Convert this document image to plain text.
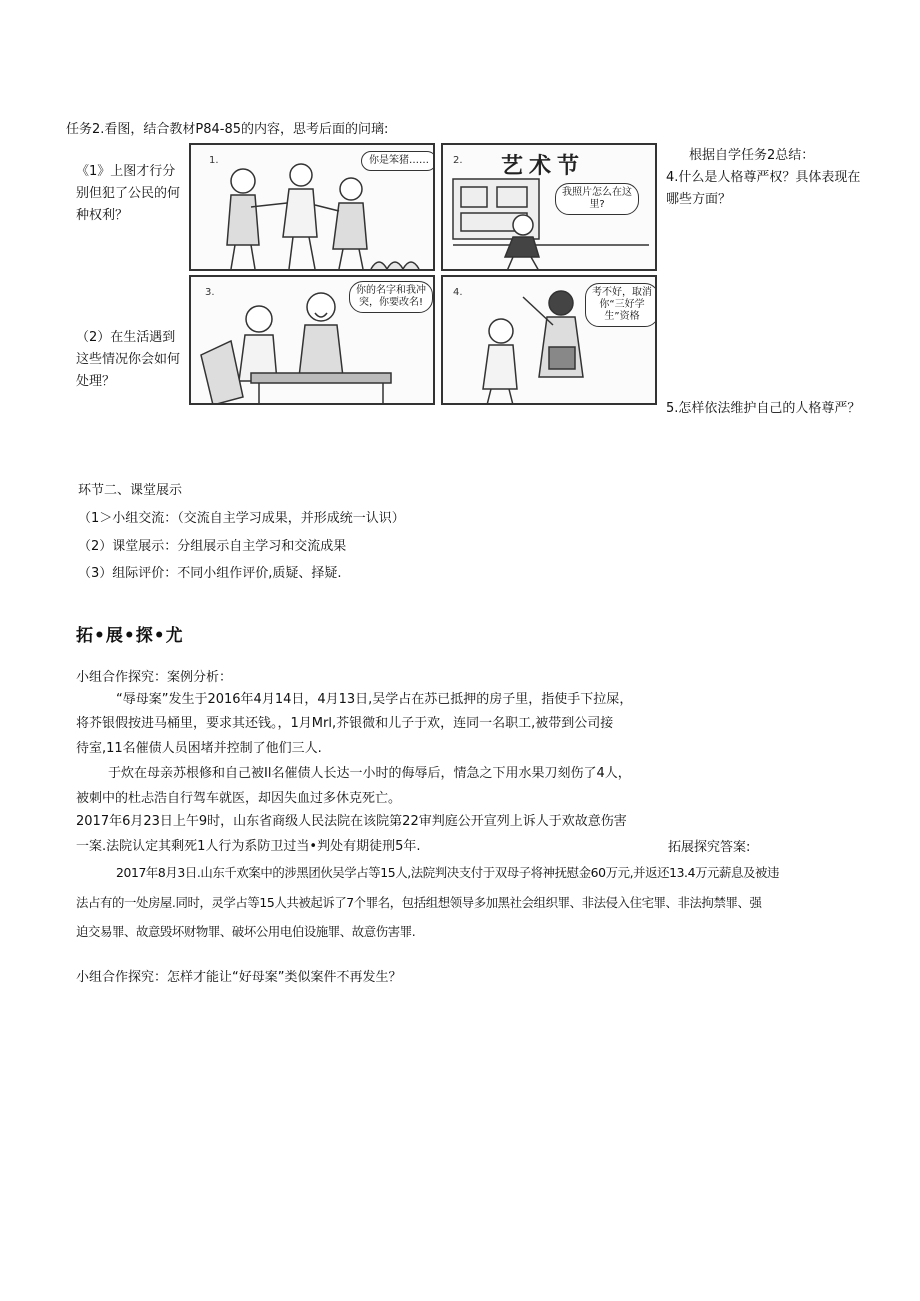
任务2.看图，结合教材P84-85的内容，思考后面的问璃:
《1》上图才行分别但犯了公民的何种权利？
（2）在生活遇到这些情况你会如何处理？
根据自学任务2总结：
4.什么是人格尊严权？具体表现在哪些方面？
5.怎样依法维护自己的人格尊严？
1.	你是笨猪……	2. 艺术节
我照片怎么在这里?
3.	你的名字和我冲突，你要改名!
4.	考不好，取消你“三好学生”资格
环节二、课堂展示
（1＞小组交流：（交流自主学习成果，并形成统一认识）
（2）课堂展示：分组展示自主学习和交流成果
（3）组际评价：不同小组作评价,质疑、择疑.
拓•展•探•尤
小组合作探究：案例分析：
“辱母案”发生于2016年4月14日，4月13日,吴学占在苏已抵押的房子里，指使手下拉屎，
将芥银假按进马桶里，要求其还钱。，1月Mrl,芥银微和儿子于欢，连同一名职工,被带到公司接
待室,11名催债人员困堵并控制了他们三人.
于炊在母亲苏根修和自己被Il名催债人长达一小时的侮辱后，情急之下用水果刀刻伤了4人，
被刺中的杜忐浩自行驾车就医，却因失血过多休克死亡。
2017年6月23日上午9时，山东省商级人民法院在该院第22审判庭公开宣列上诉人于欢故意伤害
一案.法院认定其剩死1人行为系防卫过当•判处有期徒刑5年.	拓展探究答案:
2017年8月3日.山东千欢案中的涉黑团伙吴学占等15人,法院判决支付于双母子将神抚慰金60万元,并返还13.4万元薪息及被违
法占有的一处房屋.同时，灵学占等15人共被起诉了7个罪名，包括组想领导多加黑社会组织罪、非法侵入住宅罪、非法拘禁罪、强
迫交易罪、故意毁坏财物罪、破坏公用电伯设施罪、故意伤害罪.
小组合作探究：怎样才能让“好母案”类似案件不再发生？
